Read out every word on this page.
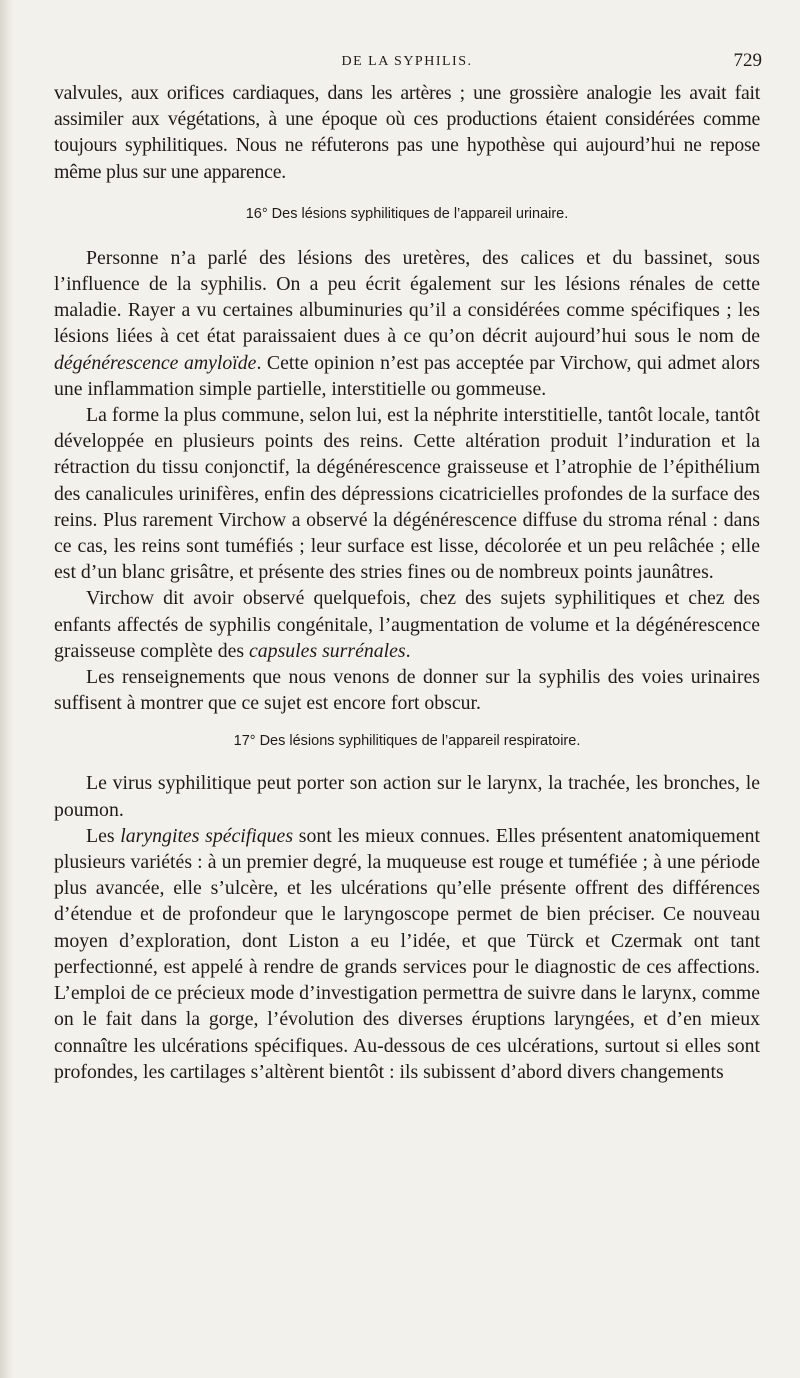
DE LA SYPHILIS.	729

valvules, aux orifices cardiaques, dans les artères ; une grossière analogie les avait fait assimiler aux végétations, à une époque où ces productions étaient considérées comme toujours syphilitiques. Nous ne réfuterons pas une hypothèse qui aujourd’hui ne repose même plus sur une apparence.

16° Des lésions syphilitiques de l’appareil urinaire.

Personne n’a parlé des lésions des uretères, des calices et du bassinet, sous l’influence de la syphilis. On a peu écrit également sur les lésions rénales de cette maladie. Rayer a vu certaines albuminuries qu’il a considérées comme spécifiques ; les lésions liées à cet état paraissaient dues à ce qu’on décrit aujourd’hui sous le nom de dégénérescence amyloïde. Cette opinion n’est pas acceptée par Virchow, qui admet alors une inflammation simple partielle, interstitielle ou gommeuse.

La forme la plus commune, selon lui, est la néphrite interstitielle, tantôt locale, tantôt développée en plusieurs points des reins. Cette altération produit l’induration et la rétraction du tissu conjonctif, la dégénérescence graisseuse et l’atrophie de l’épithélium des canalicules urinifères, enfin des dépressions cicatricielles profondes de la surface des reins. Plus rarement Virchow a observé la dégénérescence diffuse du stroma rénal : dans ce cas, les reins sont tuméfiés ; leur surface est lisse, décolorée et un peu relâchée ; elle est d’un blanc grisâtre, et présente des stries fines ou de nombreux points jaunâtres.

Virchow dit avoir observé quelquefois, chez des sujets syphilitiques et chez des enfants affectés de syphilis congénitale, l’augmentation de volume et la dégénérescence graisseuse complète des capsules surrénales.

Les renseignements que nous venons de donner sur la syphilis des voies urinaires suffisent à montrer que ce sujet est encore fort obscur.

17° Des lésions syphilitiques de l’appareil respiratoire.

Le virus syphilitique peut porter son action sur le larynx, la trachée, les bronches, le poumon.

Les laryngites spécifiques sont les mieux connues. Elles présentent anatomiquement plusieurs variétés : à un premier degré, la muqueuse est rouge et tuméfiée ; à une période plus avancée, elle s’ulcère, et les ulcérations qu’elle présente offrent des différences d’étendue et de profondeur que le laryngoscope permet de bien préciser. Ce nouveau moyen d’exploration, dont Liston a eu l’idée, et que Türck et Czermak ont tant perfectionné, est appelé à rendre de grands services pour le diagnostic de ces affections. L’emploi de ce précieux mode d’investigation permettra de suivre dans le larynx, comme on le fait dans la gorge, l’évolution des diverses éruptions laryngées, et d’en mieux connaître les ulcérations spécifiques. Au-dessous de ces ulcérations, surtout si elles sont profondes, les cartilages s’altèrent bientôt : ils subissent d’abord divers changements
